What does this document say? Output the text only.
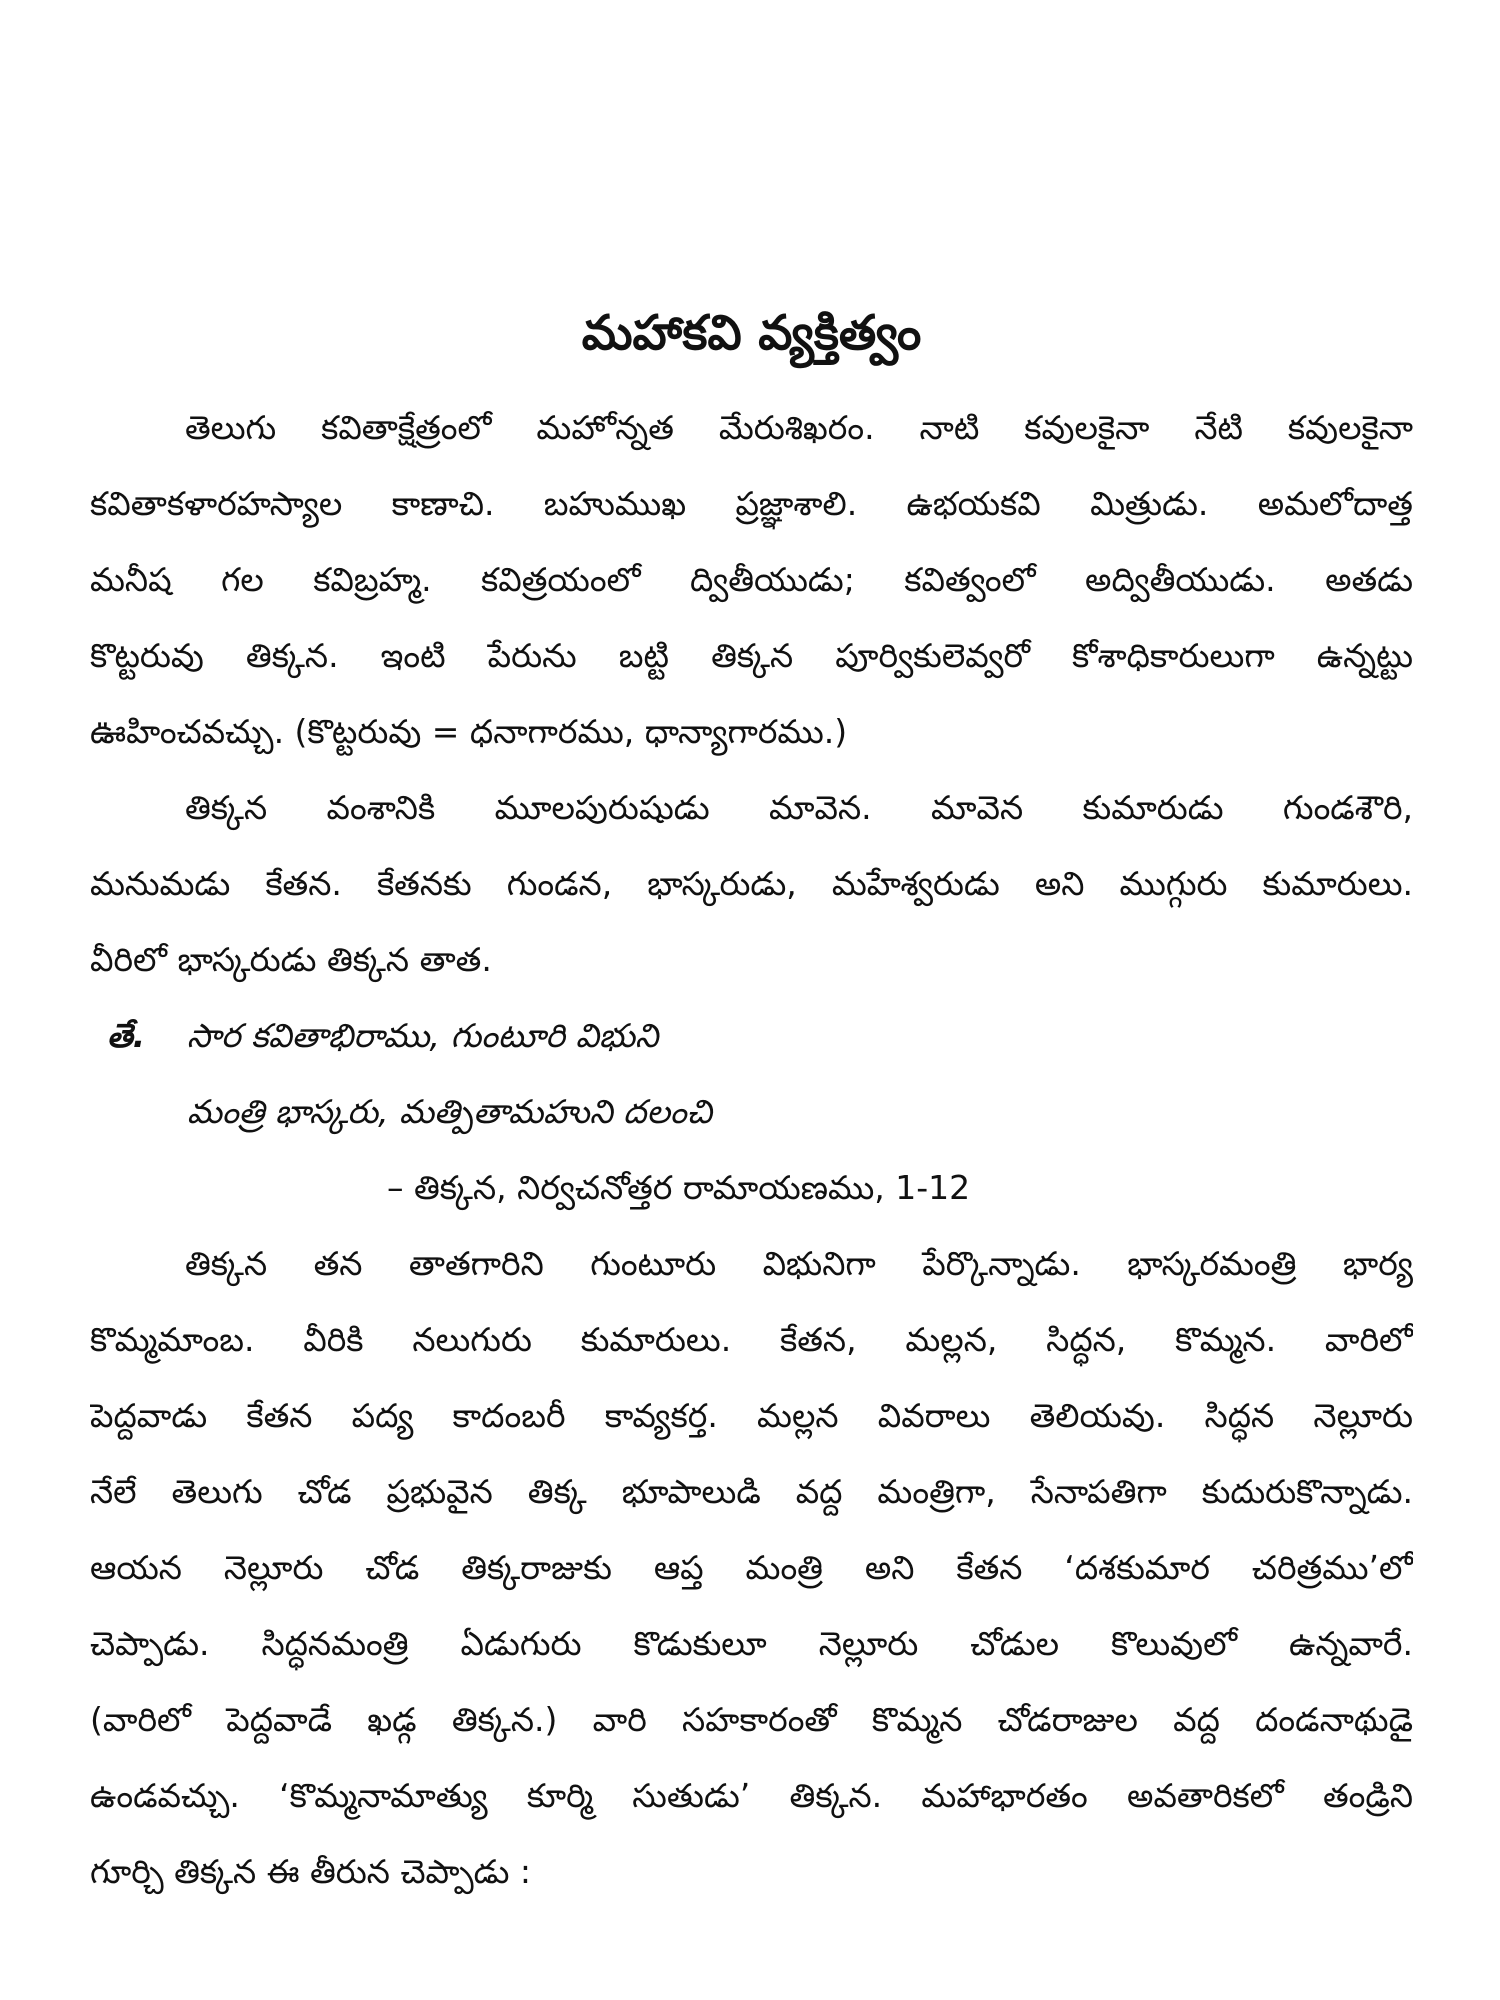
మహాకవి వ్యక్తిత్వం
తెలుగు కవితాక్షేత్రంలో మహోన్నత మేరుశిఖరం. నాటి కవులకైనా నేటి కవులకైనా
కవితాకళారహస్యాల కాణాచి. బహుముఖ ప్రజ్ఞాశాలి. ఉభయకవి మిత్రుడు. అమలోదాత్త
మనీష గల కవిబ్రహ్మ. కవిత్రయంలో ద్వితీయుడు; కవిత్వంలో అద్వితీయుడు. అతడు
కొట్టరువు తిక్కన. ఇంటి పేరును బట్టి తిక్కన పూర్వికులెవ్వరో కోశాధికారులుగా ఉన్నట్టు
ఊహించవచ్చు. (కొట్టరువు = ధనాగారము, ధాన్యాగారము.)
తిక్కన వంశానికి మూలపురుషుడు మావెన. మావెన కుమారుడు గుండశౌరి,
మనుమడు కేతన. కేతనకు గుండన, భాస్కరుడు, మహేశ్వరుడు అని ముగ్గురు కుమారులు.
వీరిలో భాస్కరుడు తిక్కన తాత.
తే. సార కవితాభిరాము, గుంటూరి విభుని
మంత్రి భాస్కరు, మత్పితామహుని దలంచి
– తిక్కన, నిర్వచనోత్తర రామాయణము, 1-12
తిక్కన తన తాతగారిని గుంటూరు విభునిగా పేర్కొన్నాడు. భాస్కరమంత్రి భార్య
కొమ్మమాంబ. వీరికి నలుగురు కుమారులు. కేతన, మల్లన, సిద్ధన, కొమ్మన. వారిలో
పెద్దవాడు కేతన పద్య కాదంబరీ కావ్యకర్త. మల్లన వివరాలు తెలియవు. సిద్ధన నెల్లూరు
నేలే తెలుగు చోడ ప్రభువైన తిక్క భూపాలుడి వద్ద మంత్రిగా, సేనాపతిగా కుదురుకొన్నాడు.
ఆయన నెల్లూరు చోడ తిక్కరాజుకు ఆప్త మంత్రి అని కేతన ‘దశకుమార చరిత్రము’లో
చెప్పాడు. సిద్ధనమంత్రి ఏడుగురు కొడుకులూ నెల్లూరు చోడుల కొలువులో ఉన్నవారే.
(వారిలో పెద్దవాడే ఖడ్గ తిక్కన.) వారి సహకారంతో కొమ్మన చోడరాజుల వద్ద దండనాథుడై
ఉండవచ్చు. ‘కొమ్మనామాత్యు కూర్మి సుతుడు’ తిక్కన. మహాభారతం అవతారికలో తండ్రిని
గూర్చి తిక్కన ఈ తీరున చెప్పాడు :
